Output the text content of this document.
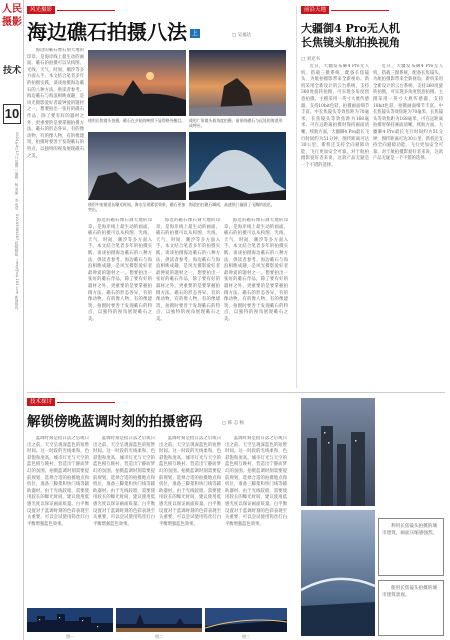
人民
摄影
技术
10
2024年4月17日 星期三 编辑：杨 美编：李 电话：010-65369287 投稿邮箱：rmsy@vip.163.com 新闻热线
风光摄影
海边礁石拍摄八法 上	□ 吴福达
海边的礁石像石刻大地的印章，是海岸线上最生动的画面。礁石的拍摄可以从构图、光线、天气、时间、潮汐等多方面入手。本文结合笔者多年的拍摄实践，谈谈拍摄海边礁石的八种方法，供读者参考。海边礁石与海浪相映成趣，是风光摄影爱好者最钟爱的题材之一。想要拍出一张好的礁石作品，除了要有好的器材之外，更重要的是要掌握拍摄方法。礁石的形态各异，有的像动物，有的像人物，有的像建筑，拍摄时要善于发现礁石的特点，以独特的视角展现礁石之美。
使用长焦镜头拍摄，礁石在夕阳的映照下显得格外醒目。 使用广角镜头低角度拍摄，前景的礁石与远处的海浪形成呼应。
使用中灰镜延长曝光时间，海水呈现雾状效果，礁石更加突出。
海浪拍打礁石瞬间，高速快门凝固了飞溅的浪花。
海边的礁石像石刻大地的印章，是海岸线上最生动的画面。礁石的拍摄可以从构图、光线、天气、时间、潮汐等多方面入手。本文结合笔者多年的拍摄实践，谈谈拍摄海边礁石的八种方法，供读者参考。海边礁石与海浪相映成趣，是风光摄影爱好者最钟爱的题材之一。想要拍出一张好的礁石作品，除了要有好的器材之外，更重要的是要掌握拍摄方法。礁石的形态各异，有的像动物，有的像人物，有的像建筑，拍摄时要善于发现礁石的特点，以独特的视角展现礁石之美。
海边的礁石像石刻大地的印章，是海岸线上最生动的画面。礁石的拍摄可以从构图、光线、天气、时间、潮汐等多方面入手。本文结合笔者多年的拍摄实践，谈谈拍摄海边礁石的八种方法，供读者参考。海边礁石与海浪相映成趣，是风光摄影爱好者最钟爱的题材之一。想要拍出一张好的礁石作品，除了要有好的器材之外，更重要的是要掌握拍摄方法。礁石的形态各异，有的像动物，有的像人物，有的像建筑，拍摄时要善于发现礁石的特点，以独特的视角展现礁石之美。
海边的礁石像石刻大地的印章，是海岸线上最生动的画面。礁石的拍摄可以从构图、光线、天气、时间、潮汐等多方面入手。本文结合笔者多年的拍摄实践，谈谈拍摄海边礁石的八种方法，供读者参考。海边礁石与海浪相映成趣，是风光摄影爱好者最钟爱的题材之一。想要拍出一张好的礁石作品，除了要有好的器材之外，更重要的是要掌握拍摄方法。礁石的形态各异，有的像动物，有的像人物，有的像建筑，拍摄时要善于发现礁石的特点，以独特的视角展现礁石之美。
前沿天地
大疆御4 Pro无人机
长焦镜头航拍换视角
□ 刘克书
近日，大疆发布御4 Pro无人机，搭载三摄系统，配备长焦镜头，为航拍摄影带来全新视角。新机采用全新设计的云台系统，支持360度旋转拍摄，可实现多角度创意拍摄。主摄采用一英寸大底传感器，支持10bit色彩，拍摄画面细节丰富。中长焦镜头等效焦距为70毫米，长焦镜头等效焦距为168毫米，可在远距离拍摄时保持画面清晰。续航方面，大疆御4 Pro最长飞行时间约为51分钟，图传距离可达30公里。新机还支持全向避障功能，飞行更加安全可靠。对于航拍摄影爱好者来说，这款产品无疑是一个不错的选择。
近日，大疆发布御4 Pro无人机，搭载三摄系统，配备长焦镜头，为航拍摄影带来全新视角。新机采用全新设计的云台系统，支持360度旋转拍摄，可实现多角度创意拍摄。主摄采用一英寸大底传感器，支持10bit色彩，拍摄画面细节丰富。中长焦镜头等效焦距为70毫米，长焦镜头等效焦距为168毫米，可在远距离拍摄时保持画面清晰。续航方面，大疆御4 Pro最长飞行时间约为51分钟，图传距离可达30公里。新机还支持全向避障功能，飞行更加安全可靠。对于航拍摄影爱好者来说，这款产品无疑是一个不错的选择。
技术探讨
解锁傍晚蓝调时刻的拍摄密码	□ 韩 志 杨
蓝调时刻是指日落之后或日出之前，天空呈现深蓝色的短暂时间。这一时段的光线柔和，色彩饱和度高，城市灯光与天空的蓝色相互映衬，营造出宁静而梦幻的氛围。拍摄蓝调时刻需要提前规划，选择合适的拍摄地点和机位，准备三脚架和快门线等辅助器材。由于光线较暗，需要使用较长的曝光时间，建议使用低感光度以保证画面质量。白平衡设置对于蓝调时刻的色彩表现至关重要，可以尝试使用钨丝灯白平衡增强蓝色效果。
蓝调时刻是指日落之后或日出之前，天空呈现深蓝色的短暂时间。这一时段的光线柔和，色彩饱和度高，城市灯光与天空的蓝色相互映衬，营造出宁静而梦幻的氛围。拍摄蓝调时刻需要提前规划，选择合适的拍摄地点和机位，准备三脚架和快门线等辅助器材。由于光线较暗，需要使用较长的曝光时间，建议使用低感光度以保证画面质量。白平衡设置对于蓝调时刻的色彩表现至关重要，可以尝试使用钨丝灯白平衡增强蓝色效果。
蓝调时刻是指日落之后或日出之前，天空呈现深蓝色的短暂时间。这一时段的光线柔和，色彩饱和度高，城市灯光与天空的蓝色相互映衬，营造出宁静而梦幻的氛围。拍摄蓝调时刻需要提前规划，选择合适的拍摄地点和机位，准备三脚架和快门线等辅助器材。由于光线较暗，需要使用较长的曝光时间，建议使用低感光度以保证画面质量。白平衡设置对于蓝调时刻的色彩表现至关重要，可以尝试使用钨丝灯白平衡增强蓝色效果。
蓝调时刻是指日落之后或日出之前，天空呈现深蓝色的短暂时间。这一时段的光线柔和，色彩饱和度高，城市灯光与天空的蓝色相互映衬，营造出宁静而梦幻的氛围。拍摄蓝调时刻需要提前规划，选择合适的拍摄地点和机位，准备三脚架和快门线等辅助器材。由于光线较暗，需要使用较长的曝光时间，建议使用低感光度以保证画面质量。白平衡设置对于蓝调时刻的色彩表现至关重要，可以尝试使用钨丝灯白平衡增强蓝色效果。
图一	图二	图三
利用长焦镜头拍摄的城市建筑，画面压缩感强烈。
使用长焦镜头拍摄的城市建筑景观。
